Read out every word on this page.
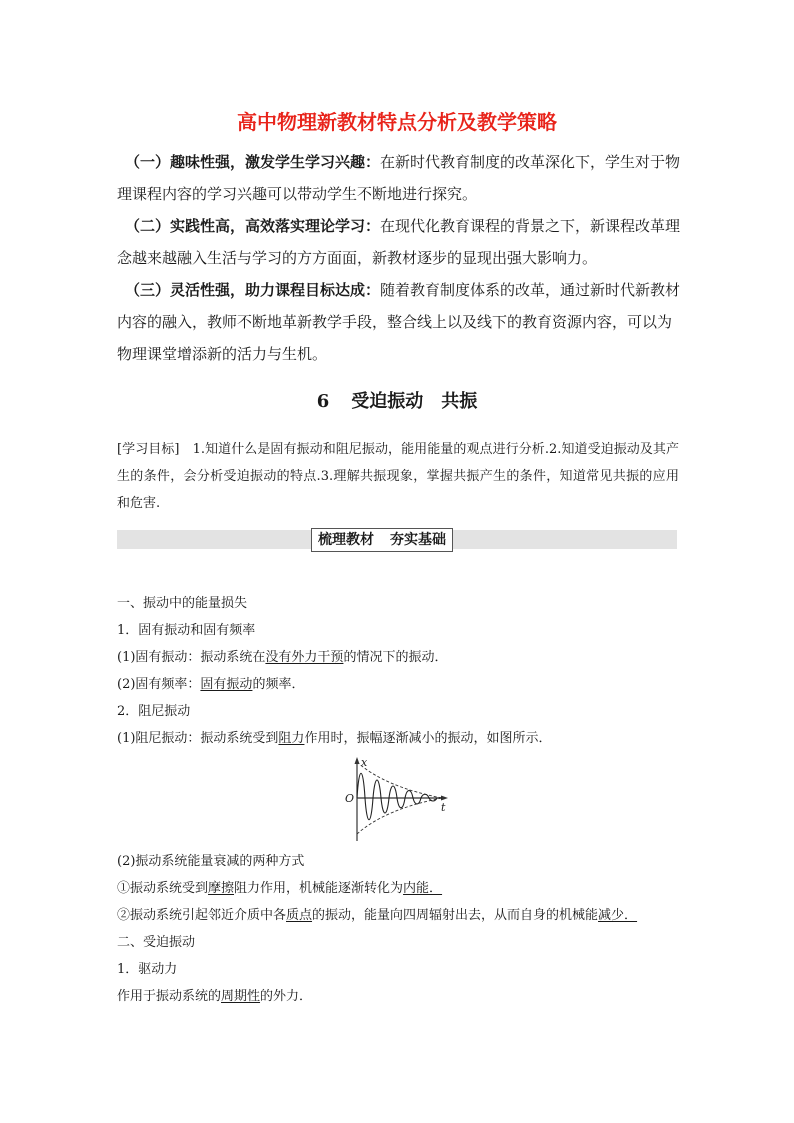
高中物理新教材特点分析及教学策略

（一）趣味性强，激发学生学习兴趣：在新时代教育制度的改革深化下，学生对于物理课程内容的学习兴趣可以带动学生不断地进行探究。

（二）实践性高，高效落实理论学习：在现代化教育课程的背景之下，新课程改革理念越来越融入生活与学习的方方面面，新教材逐步的显现出强大影响力。

（三）灵活性强，助力课程目标达成：随着教育制度体系的改革，通过新时代新教材内容的融入，教师不断地革新教学手段，整合线上以及线下的教育资源内容，可以为物理课堂增添新的活力与生机。

6 受迫振动　共振
[学习目标]　1.知道什么是固有振动和阻尼振动，能用能量的观点进行分析.2.知道受迫振动及其产生的条件，会分析受迫振动的特点.3.理解共振现象，掌握共振产生的条件，知道常见共振的应用和危害.
梳理教材 夯实基础
一、振动中的能量损失
1．固有振动和固有频率
(1)固有振动：振动系统在没有外力干预的情况下的振动．
(2)固有频率：固有振动的频率．
2．阻尼振动
(1)阻尼振动：振动系统受到阻力作用时，振幅逐渐减小的振动，如图所示．
x
O
t
(2)振动系统能量衰减的两种方式
①振动系统受到摩擦阻力作用，机械能逐渐转化为内能．
②振动系统引起邻近介质中各质点的振动，能量向四周辐射出去，从而自身的机械能减少．
二、受迫振动
1．驱动力
作用于振动系统的周期性的外力．
